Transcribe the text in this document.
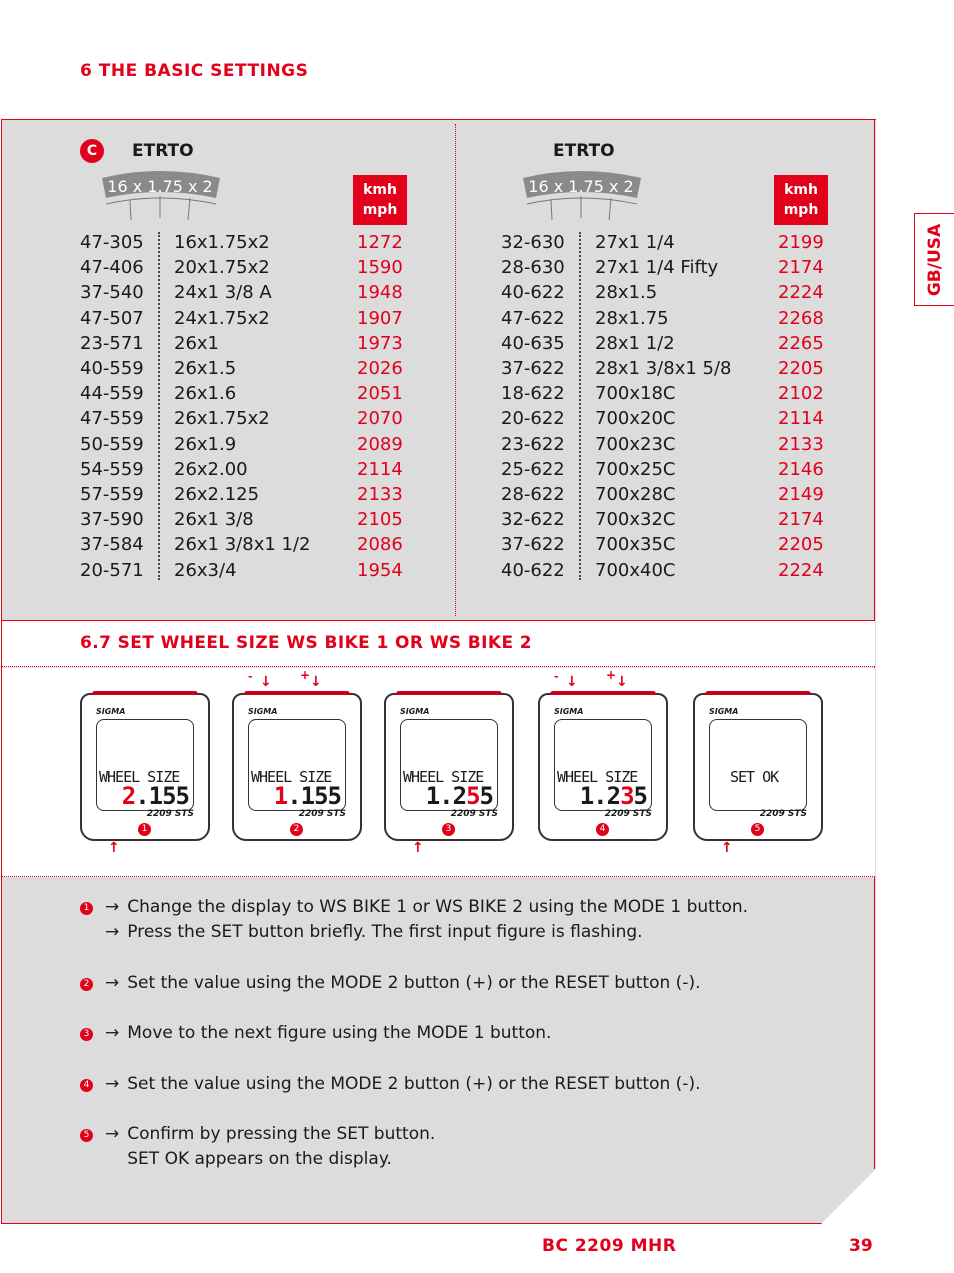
6 THE BASIC SETTINGS
GB/USA
C	ETRTO	ETRTO
16 x 1.75 x 2	16 x 1.75 x 2
kmh
mph
kmh
mph
47-305 16x1.75x2	1272
47-406 20x1.75x2	1590
37-540 24x1 3/8 A	1948
47-507 24x1.75x2	1907
23-571 26x1	1973
40-559 26x1.5	2026
44-559 26x1.6	2051
47-559 26x1.75x2	2070
50-559 26x1.9	2089
54-559 26x2.00	2114
57-559 26x2.125	2133
37-590 26x1 3/8	2105
37-584 26x1 3/8x1 1/2	2086
20-571 26x3/4	1954
32-630 27x1 1/4	2199
28-630 27x1 1/4 Fifty	2174
40-622 28x1.5	2224
47-622 28x1.75	2268
40-635 28x1 1/2	2265
37-622 28x1 3/8x1 5/8	2205
18-622 700x18C	2102
20-622 700x20C	2114
23-622 700x23C	2133
25-622 700x25C	2146
28-622 700x28C	2149
32-622 700x32C	2174
37-622 700x35C	2205
40-622 700x40C	2224
6.7 SET WHEEL SIZE WS BIKE 1 OR WS BIKE 2
SIGMA
WHEEL SIZE
2.155
2209 STS
1
↑
SIGMA
WHEEL SIZE
1.155
2209 STS
2
- ↓ + ↓
SIGMA
WHEEL SIZE
1.255
2209 STS
3
↑
SIGMA
WHEEL SIZE
1.235
2209 STS
4
- ↓ + ↓
SIGMA
SET OK
2209 STS
5
↑
1 → Change the display to WS BIKE 1 or WS BIKE 2 using the MODE 1 button.
→ Press the SET button briefly. The first input figure is flashing.
2 → Set the value using the MODE 2 button (+) or the RESET button (-).
3 → Move to the next figure using the MODE 1 button.
4 → Set the value using the MODE 2 button (+) or the RESET button (-).
5 → Confirm by pressing the SET button.
SET OK appears on the display.
BC 2209 MHR	39
